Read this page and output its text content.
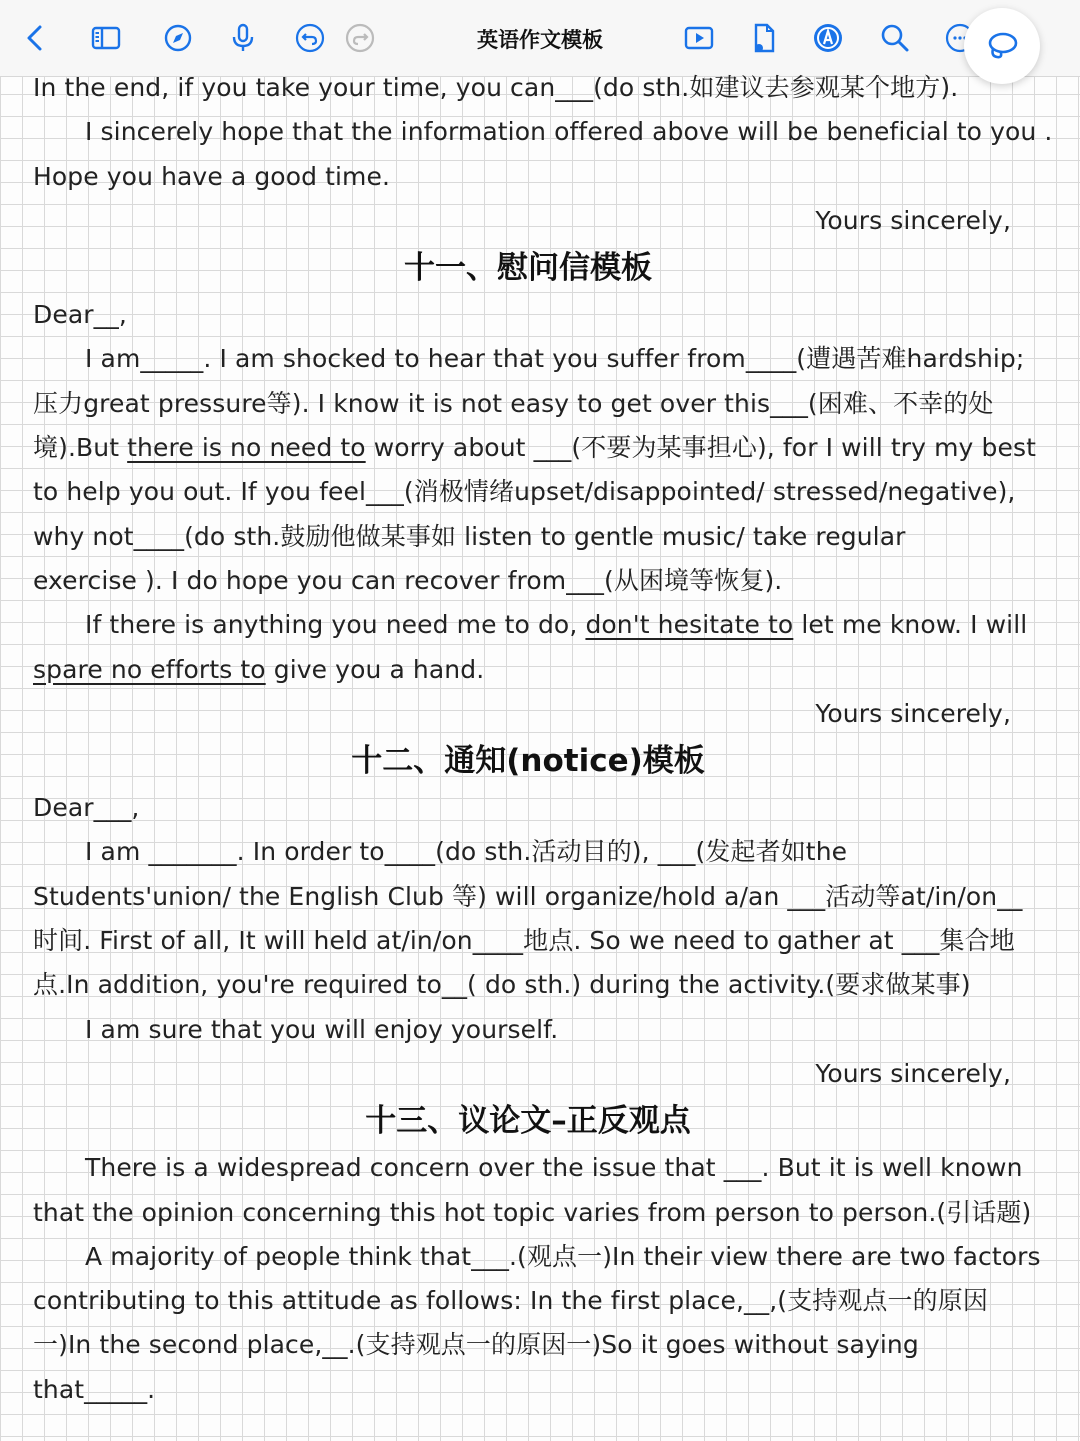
英语作文模板
In the end, if you take your time, you can___(do sth.如建议去参观某个地方).
I sincerely hope that the information offered above will be beneficial to you .
Hope you have a good time.
Yours sincerely,
十一、慰问信模板
Dear__,
I am_____. I am shocked to hear that you suffer from____(遭遇苦难hardship;
压力great pressure等). I know it is not easy to get over this___(困难、不幸的处
境).But there is no need to worry about ___(不要为某事担心), for I will try my best
to help you out. If you feel___(消极情绪upset/disappointed/ stressed/negative),
why not____(do sth.鼓励他做某事如 listen to gentle music/ take regular
exercise ). I do hope you can recover from___(从困境等恢复).
If there is anything you need me to do, don't hesitate to let me know. I will
spare no efforts to give you a hand.
Yours sincerely,
十二、通知(notice)模板
Dear___,
I am _______. In order to____(do sth.活动目的), ___(发起者如the
Students'union/ the English Club 等) will organize/hold a/an ___活动等at/in/on__
时间. First of all, It will held at/in/on____地点. So we need to gather at ___集合地
点.In addition, you're required to__( do sth.) during the activity.(要求做某事)
I am sure that you will enjoy yourself.
Yours sincerely,
十三、议论文–正反观点
There is a widespread concern over the issue that ___. But it is well known
that the opinion concerning this hot topic varies from person to person.(引话题)
A majority of people think that___.(观点一)In their view there are two factors
contributing to this attitude as follows: In the first place,__,(支持观点一的原因
一)In the second place,__.(支持观点一的原因一)So it goes without saying
that_____.
